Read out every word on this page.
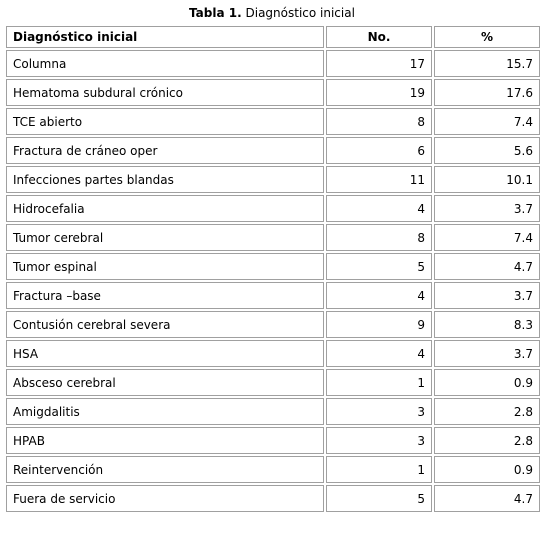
Tabla 1. Diagnóstico inicial
Diagnóstico inicial	No.	%
Columna	17	15.7
Hematoma subdural crónico	19	17.6
TCE abierto	8	7.4
Fractura de cráneo oper	6	5.6
Infecciones partes blandas	11	10.1
Hidrocefalia	4	3.7
Tumor cerebral	8	7.4
Tumor espinal	5	4.7
Fractura –base	4	3.7
Contusión cerebral severa	9	8.3
HSA	4	3.7
Absceso cerebral	1	0.9
Amigdalitis	3	2.8
HPAB	3	2.8
Reintervención	1	0.9
Fuera de servicio	5	4.7
